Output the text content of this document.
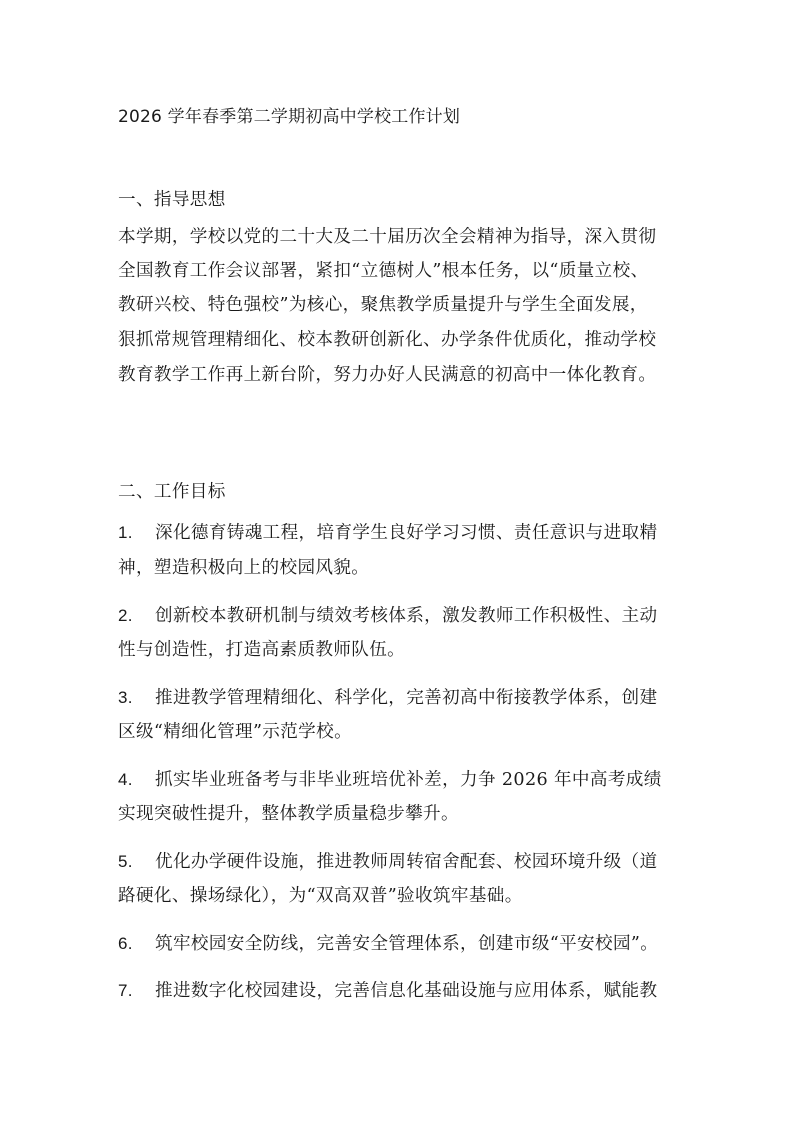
2026 学年春季第二学期初高中学校工作计划
一、指导思想
本学期，学校以党的二十大及二十届历次全会精神为指导，深入贯彻
全国教育工作会议部署，紧扣“立德树人”根本任务，以“质量立校、
教研兴校、特色强校”为核心，聚焦教学质量提升与学生全面发展，
狠抓常规管理精细化、校本教研创新化、办学条件优质化，推动学校
教育教学工作再上新台阶，努力办好人民满意的初高中一体化教育。
二、工作目标
1. 深化德育铸魂工程，培育学生良好学习习惯、责任意识与进取精
神，塑造积极向上的校园风貌。
2. 创新校本教研机制与绩效考核体系，激发教师工作积极性、主动
性与创造性，打造高素质教师队伍。
3. 推进教学管理精细化、科学化，完善初高中衔接教学体系，创建
区级“精细化管理”示范学校。
4. 抓实毕业班备考与非毕业班培优补差，力争 2026 年中高考成绩
实现突破性提升，整体教学质量稳步攀升。
5. 优化办学硬件设施，推进教师周转宿舍配套、校园环境升级（道
路硬化、操场绿化），为“双高双普”验收筑牢基础。
6. 筑牢校园安全防线，完善安全管理体系，创建市级“平安校园”。
7. 推进数字化校园建设，完善信息化基础设施与应用体系，赋能教
